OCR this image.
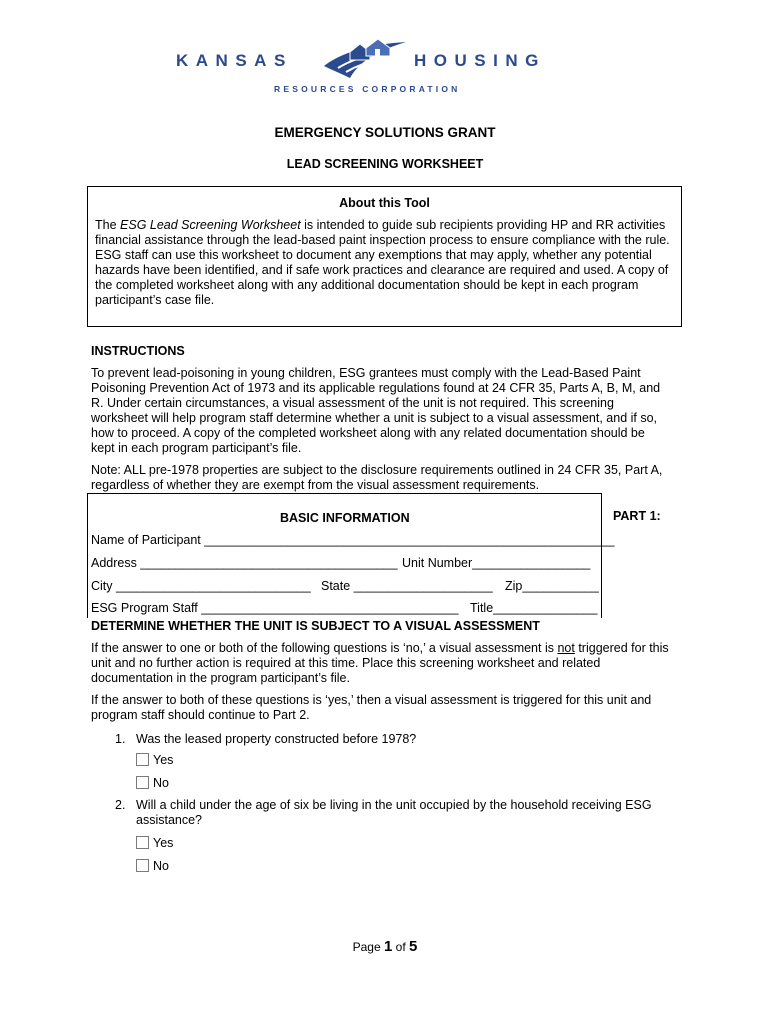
KANSAS	HOUSING
RESOURCES CORPORATION
EMERGENCY SOLUTIONS GRANT
LEAD SCREENING WORKSHEET
About this Tool
The ESG Lead Screening Worksheet is intended to guide sub recipients providing HP and RR activities
financial assistance through the lead-based paint inspection process to ensure compliance with the rule.
ESG staff can use this worksheet to document any exemptions that may apply, whether any potential
hazards have been identified, and if safe work practices and clearance are required and used. A copy of
the completed worksheet along with any additional documentation should be kept in each program
participant’s case file.
INSTRUCTIONS
To prevent lead-poisoning in young children, ESG grantees must comply with the Lead-Based Paint
Poisoning Prevention Act of 1973 and its applicable regulations found at 24 CFR 35, Parts A, B, M, and
R. Under certain circumstances, a visual assessment of the unit is not required. This screening
worksheet will help program staff determine whether a unit is subject to a visual assessment, and if so,
how to proceed. A copy of the completed worksheet along with any related documentation should be
kept in each program participant’s file.
Note: ALL pre-1978 properties are subject to the disclosure requirements outlined in 24 CFR 35, Part A,
regardless of whether they are exempt from the visual assessment requirements.
BASIC INFORMATION	PART 1:
Name of Participant ___________________________________________________________
Address _____________________________________ Unit Number_________________
City ____________________________ State ____________________ Zip___________
ESG Program Staff _____________________________________ Title_______________
DETERMINE WHETHER THE UNIT IS SUBJECT TO A VISUAL ASSESSMENT
If the answer to one or both of the following questions is ‘no,’ a visual assessment is not triggered for this
unit and no further action is required at this time. Place this screening worksheet and related
documentation in the program participant’s file.
If the answer to both of these questions is ‘yes,’ then a visual assessment is triggered for this unit and
program staff should continue to Part 2.
1. Was the leased property constructed before 1978?
Yes
No
2. Will a child under the age of six be living in the unit occupied by the household receiving ESG
assistance?
Yes
No
Page 1 of 5
